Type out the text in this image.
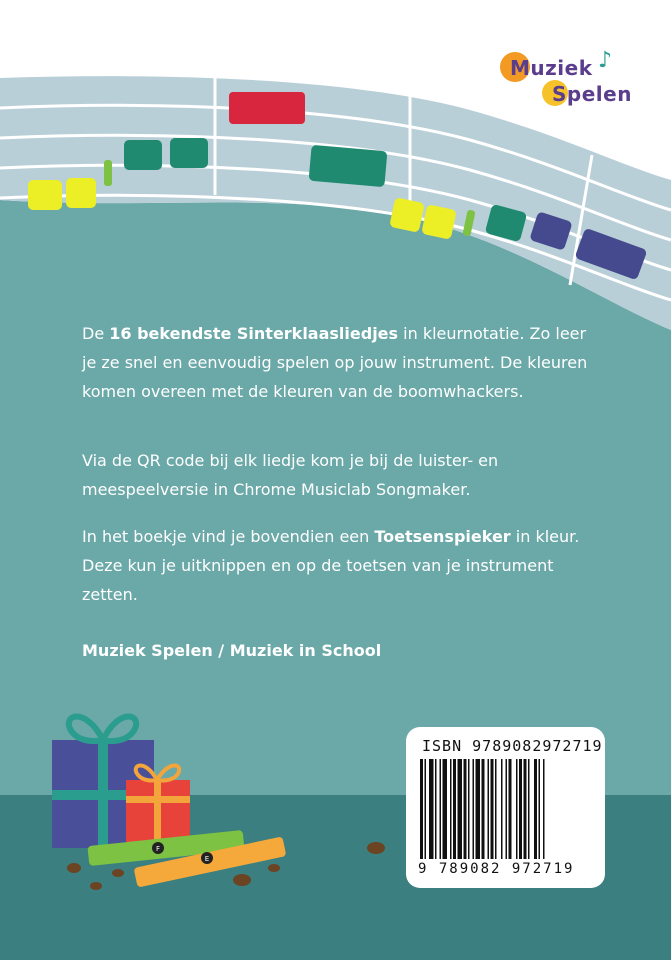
F
E
Muziek
Spelen
♪

De 16 bekendste Sinterklaasliedjes in kleurnotatie. Zo leer je ze snel en eenvoudig spelen op jouw instrument. De kleuren komen overeen met de kleuren van de boomwhackers.

Via de QR code bij elk liedje kom je bij de luister- en meespeelversie in Chrome Musiclab Songmaker.

In het boekje vind je bovendien een Toetsenspieker in kleur. Deze kun je uitknippen en op de toetsen van je instrument zetten.

Muziek Spelen / Muziek in School
ISBN 9789082972719
9 789082 972719
